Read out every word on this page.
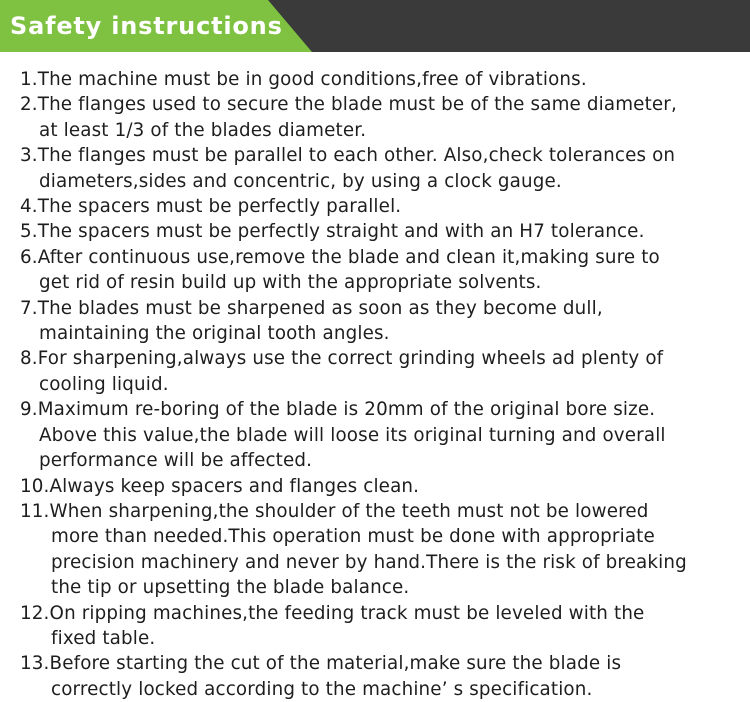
Safety instructions
1.The machine must be in good conditions,free of vibrations.
2.The flanges used to secure the blade must be of the same diameter,
at least 1/3 of the blades diameter.
3.The flanges must be parallel to each other. Also,check tolerances on
diameters,sides and concentric, by using a clock gauge.
4.The spacers must be perfectly parallel.
5.The spacers must be perfectly straight and with an H7 tolerance.
6.After continuous use,remove the blade and clean it,making sure to
get rid of resin build up with the appropriate solvents.
7.The blades must be sharpened as soon as they become dull,
maintaining the original tooth angles.
8.For sharpening,always use the correct grinding wheels ad plenty of
cooling liquid.
9.Maximum re-boring of the blade is 20mm of the original bore size.
Above this value,the blade will loose its original turning and overall
performance will be affected.
10.Always keep spacers and flanges clean.
11.When sharpening,the shoulder of the teeth must not be lowered
more than needed.This operation must be done with appropriate
precision machinery and never by hand.There is the risk of breaking
the tip or upsetting the blade balance.
12.On ripping machines,the feeding track must be leveled with the
fixed table.
13.Before starting the cut of the material,make sure the blade is
correctly locked according to the machine’ s specification.
